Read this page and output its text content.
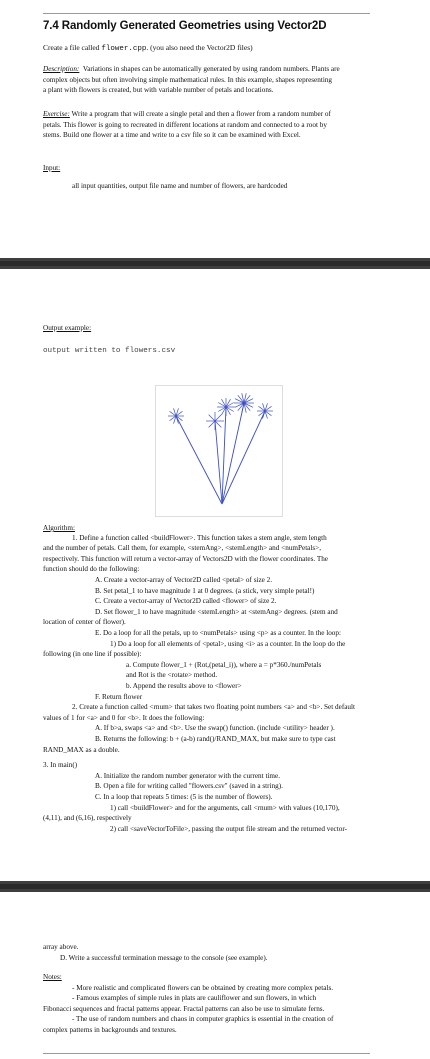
7.4 Randomly Generated Geometries using Vector2D
Create a file called flower.cpp. (you also need the Vector2D files)
Description: Variations in shapes can be automatically generated by using random numbers. Plants are
complex objects but often involving simple mathematical rules. In this example, shapes representing
a plant with flowers is created, but with variable number of petals and locations.
Exercise: Write a program that will create a single petal and then a flower from a random number of
petals. This flower is going to recreated in different locations at random and connected to a root by
stems. Build one flower at a time and write to a csv file so it can be examined with Excel.
Input:
all input quantities, output file name and number of flowers, are hardcoded
Output example:
output written to flowers.csv
Algorithm:
1. Define a function called <buildFlower>. This function takes a stem angle, stem length
and the number of petals. Call them, for example, <stemAng>, <stemLength> and <numPetals>,
respectively. This function will return a vector-array of Vectors2D with the flower coordinates. The
function should do the following:
A. Create a vector-array of Vector2D called <petal> of size 2.
B. Set petal_1 to have magnitude 1 at 0 degrees. (a stick, very simple petal!)
C. Create a vector-array of Vector2D called <flower> of size 2.
D. Set flower_1 to have magnitude <stemLength> at <stemAng> degrees. (stem and
location of center of flower).
E. Do a loop for all the petals, up to <numPetals> using <p> as a counter. In the loop:
1) Do a loop for all elements of <petal>, using <i> as a counter. In the loop do the
following (in one line if possible):
a. Compute flower_1 + (Rot,(petal_i)), where a = p*360./numPetals
and Rot is the <rotate> method.
b. Append the results above to <flower>
F. Return flower
2. Create a function called <rnum> that takes two floating point numbers <a> and <b>. Set default
values of 1 for <a> and 0 for <b>. It does the following:
A. If b>a, swaps <a> and <b>. Use the swap() function. (include <utility> header ).
B. Returns the following: b + (a-b) rand()/RAND_MAX, but make sure to type cast
RAND_MAX as a double.
3. In main()
A. Initialize the random number generator with the current time.
B. Open a file for writing called "flowers.csv" (saved in a string).
C. In a loop that repeats 5 times: (5 is the number of flowers).
1) call <buildFlower> and for the arguments, call <rnum> with values (10,170),
(4,11), and (6,16), respectively
2) call <saveVectorToFile>, passing the output file stream and the returned vector-
array above.
D. Write a successful termination message to the console (see example).
Notes:
- More realistic and complicated flowers can be obtained by creating more complex petals.
- Famous examples of simple rules in plats are cauliflower and sun flowers, in which
Fibonacci sequences and fractal patterns appear. Fractal patterns can also be use to simulate ferns.
- The use of random numbers and chaos in computer graphics is essential in the creation of
complex patterns in backgrounds and textures.
